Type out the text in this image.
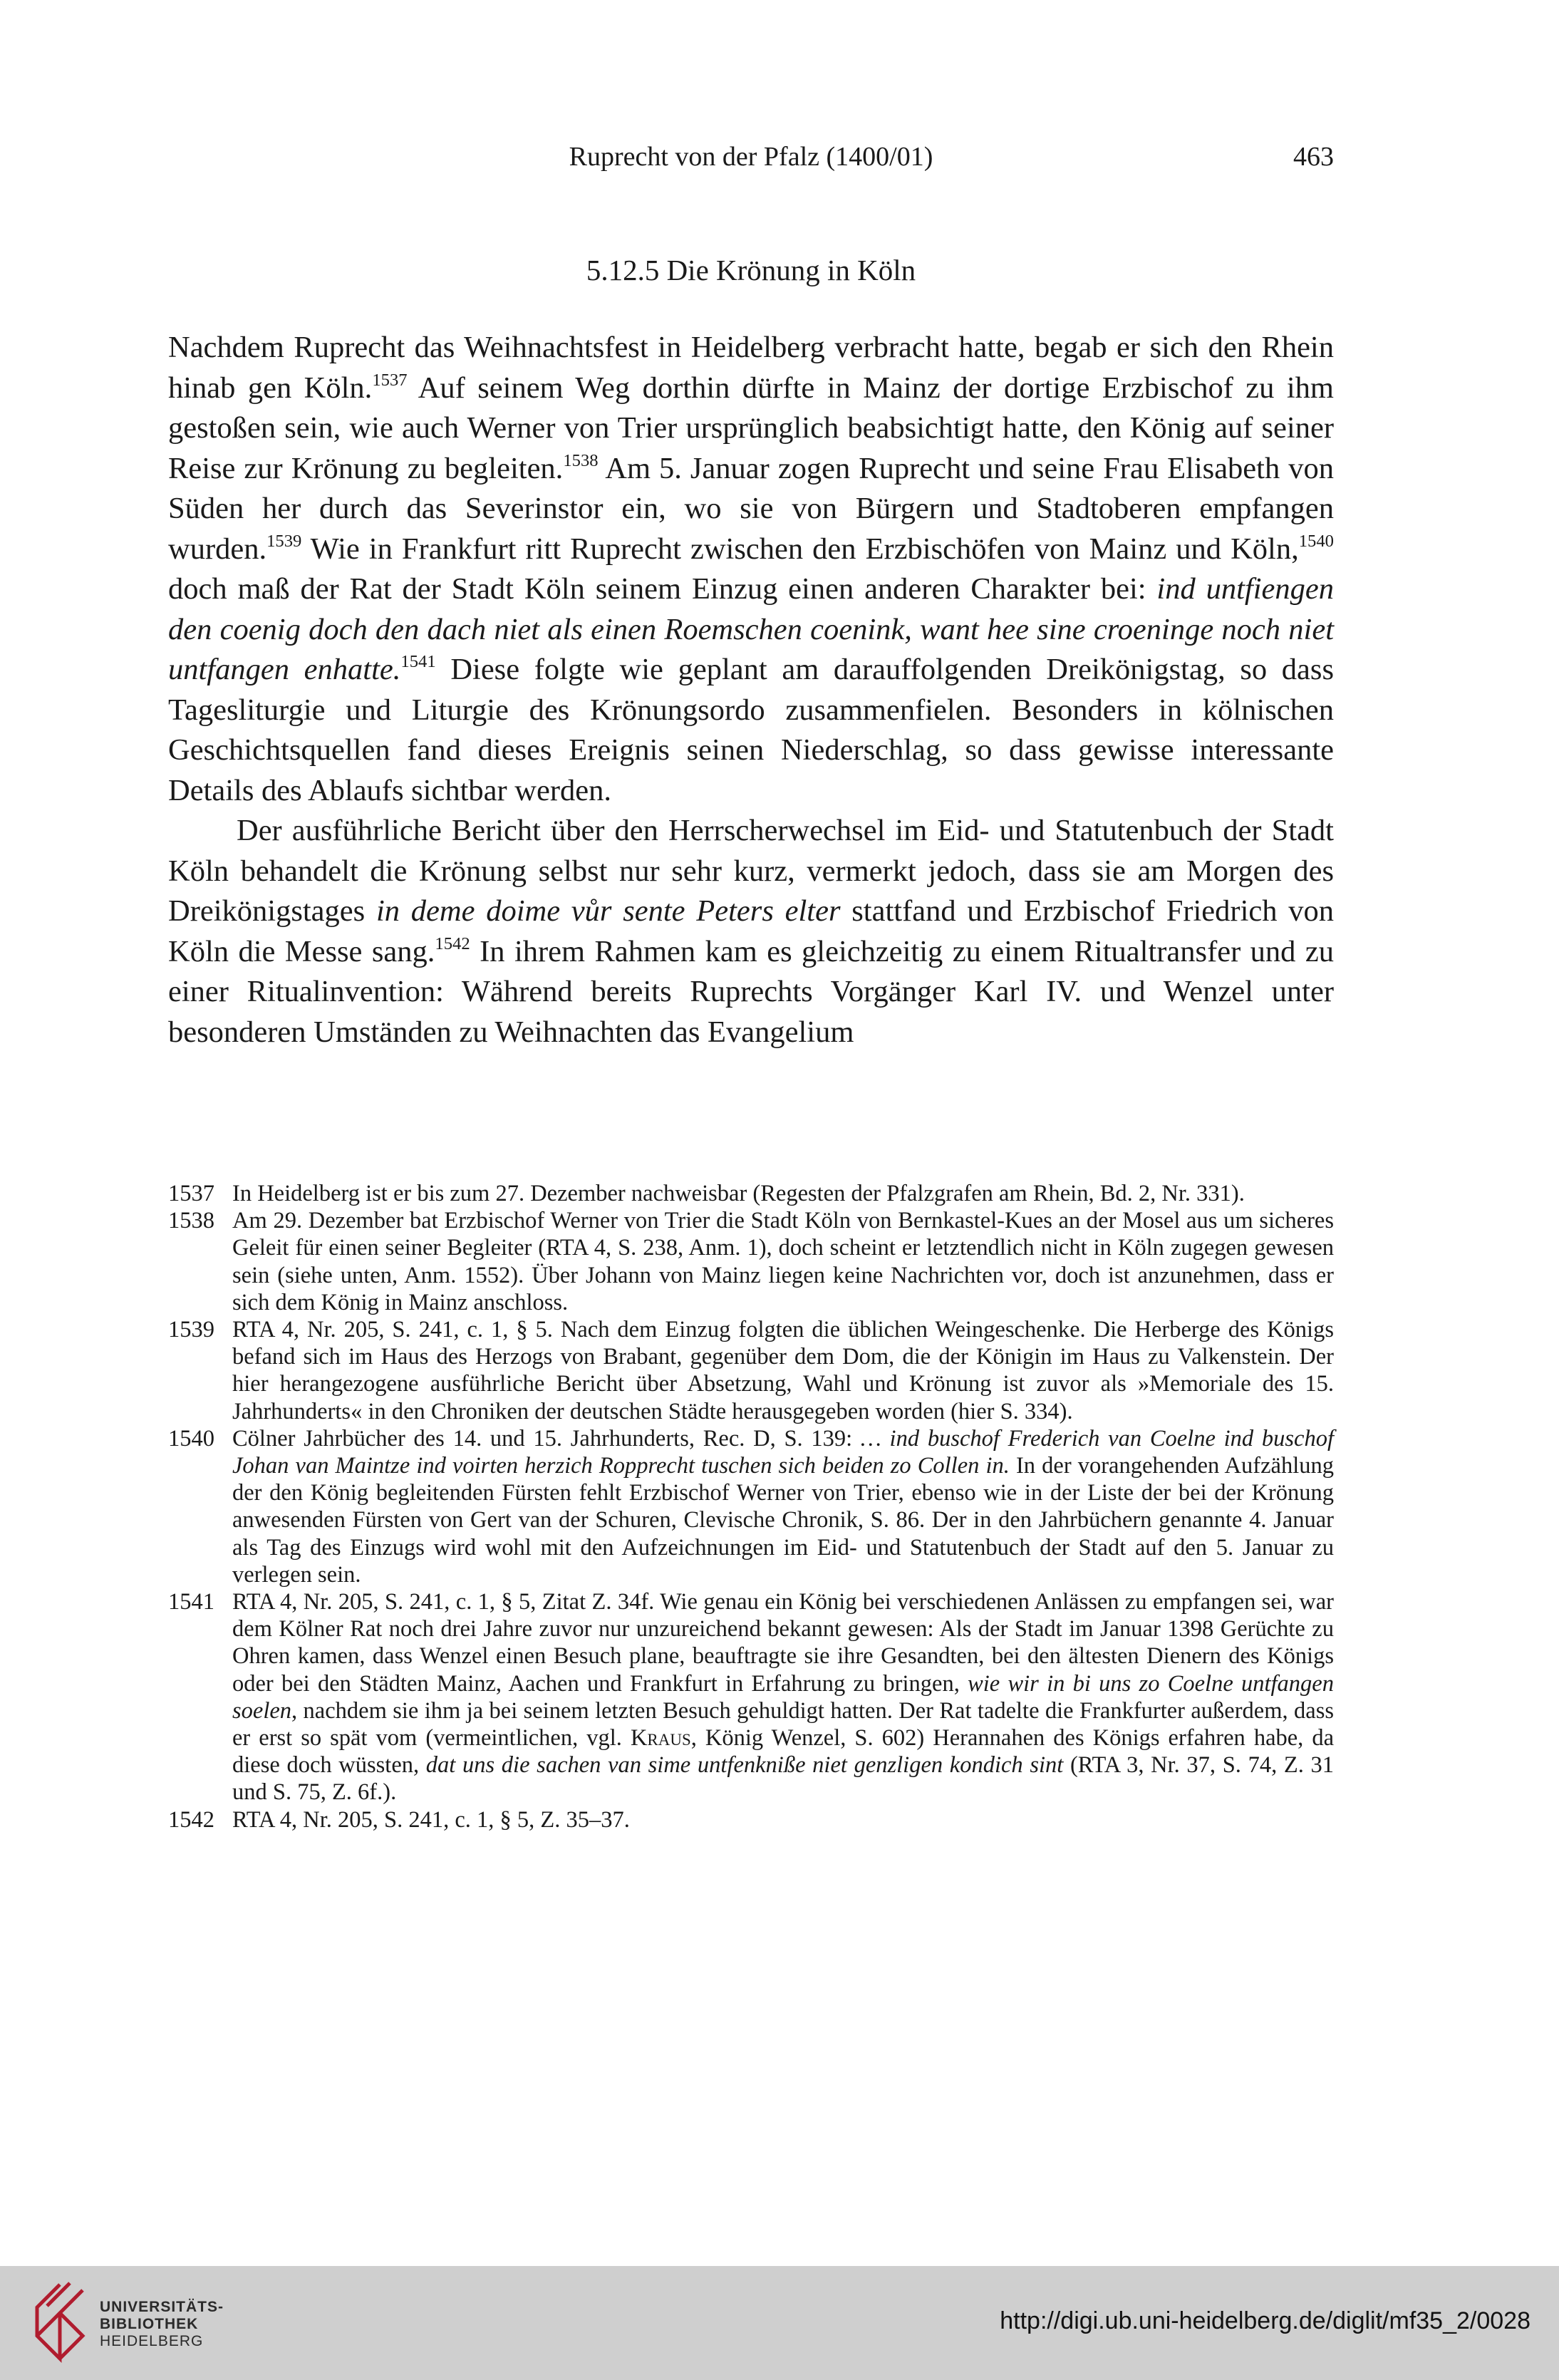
Ruprecht von der Pfalz (1400/01)	463
5.12.5 Die Krönung in Köln

Nachdem Ruprecht das Weihnachtsfest in Heidelberg verbracht hatte, begab er sich den Rhein hinab gen Köln.$^{1537}$ Auf seinem Weg dorthin dürfte in Mainz der dortige Erzbischof zu ihm gestoßen sein, wie auch Werner von Trier ursprünglich beabsichtigt hatte, den König auf seiner Reise zur Krönung zu begleiten.$^{1538}$ Am 5. Januar zogen Ruprecht und seine Frau Elisabeth von Süden her durch das Severinstor ein, wo sie von Bürgern und Stadtoberen empfangen wurden.$^{1539}$ Wie in Frankfurt ritt Ruprecht zwischen den Erzbischöfen von Mainz und Köln,$^{1540}$ doch maß der Rat der Stadt Köln seinem Einzug einen anderen Charakter bei: ind untfiengen den coenig doch den dach niet als einen Roemschen coenink, want hee sine croeninge noch niet untfangen enhatte.$^{1541}$ Diese folgte wie geplant am darauffolgenden Dreikönigstag, so dass Tagesliturgie und Liturgie des Krönungsordo zusammenfielen. Besonders in kölnischen Geschichtsquellen fand dieses Ereignis seinen Niederschlag, so dass gewisse interessante Details des Ablaufs sichtbar werden.

Der ausführliche Bericht über den Herrscherwechsel im Eid- und Statutenbuch der Stadt Köln behandelt die Krönung selbst nur sehr kurz, vermerkt jedoch, dass sie am Morgen des Dreikönigstages in deme doime vůr sente Peters elter stattfand und Erzbischof Friedrich von Köln die Messe sang.$^{1542}$ In ihrem Rahmen kam es gleichzeitig zu einem Ritualtransfer und zu einer Ritualinvention: Während bereits Ruprechts Vorgänger Karl IV. und Wenzel unter besonderen Umständen zu Weihnachten das Evangelium

1537 In Heidelberg ist er bis zum 27. Dezember nachweisbar (Regesten der Pfalzgrafen am Rhein, Bd. 2, Nr. 331).

1538 Am 29. Dezember bat Erzbischof Werner von Trier die Stadt Köln von Bernkastel-Kues an der Mosel aus um sicheres Geleit für einen seiner Begleiter (RTA 4, S. 238, Anm. 1), doch scheint er letztendlich nicht in Köln zugegen gewesen sein (siehe unten, Anm. 1552). Über Johann von Mainz liegen keine Nachrichten vor, doch ist anzunehmen, dass er sich dem König in Mainz anschloss.

1539 RTA 4, Nr. 205, S. 241, c. 1, § 5. Nach dem Einzug folgten die üblichen Weingeschenke. Die Herberge des Königs befand sich im Haus des Herzogs von Brabant, gegenüber dem Dom, die der Königin im Haus zu Valkenstein. Der hier herangezogene ausführliche Bericht über Absetzung, Wahl und Krönung ist zuvor als »Memoriale des 15. Jahrhunderts« in den Chroniken der deutschen Städte herausgegeben worden (hier S. 334).

1540 Cölner Jahrbücher des 14. und 15. Jahrhunderts, Rec. D, S. 139: … ind buschof Frederich van Coelne ind buschof Johan van Maintze ind voirten herzich Ropprecht tuschen sich beiden zo Collen in. In der vorangehenden Aufzählung der den König begleitenden Fürsten fehlt Erzbischof Werner von Trier, ebenso wie in der Liste der bei der Krönung anwesenden Fürsten von Gert van der Schuren, Clevische Chronik, S. 86. Der in den Jahrbüchern genannte 4. Januar als Tag des Einzugs wird wohl mit den Aufzeichnungen im Eid- und Statutenbuch der Stadt auf den 5. Januar zu verlegen sein.

1541 RTA 4, Nr. 205, S. 241, c. 1, § 5, Zitat Z. 34f. Wie genau ein König bei verschiedenen Anlässen zu empfangen sei, war dem Kölner Rat noch drei Jahre zuvor nur unzureichend bekannt gewesen: Als der Stadt im Januar 1398 Gerüchte zu Ohren kamen, dass Wenzel einen Besuch plane, beauftragte sie ihre Gesandten, bei den ältesten Dienern des Königs oder bei den Städten Mainz, Aachen und Frankfurt in Erfahrung zu bringen, wie wir in bi uns zo Coelne untfangen soelen, nachdem sie ihm ja bei seinem letzten Besuch gehuldigt hatten. Der Rat tadelte die Frankfurter außerdem, dass er erst so spät vom (vermeintlichen, vgl. Kraus, König Wenzel, S. 602) Herannahen des Königs erfahren habe, da diese doch wüssten, dat uns die sachen van sime untfenkniße niet genzligen kondich sint (RTA 3, Nr. 37, S. 74, Z. 31 und S. 75, Z. 6f.).

1542 RTA 4, Nr. 205, S. 241, c. 1, § 5, Z. 35–37.

UNIVERSITÄTS-
BIBLIOTHEK
HEIDELBERG
http://digi.ub.uni-heidelberg.de/diglit/mf35_2/0028
